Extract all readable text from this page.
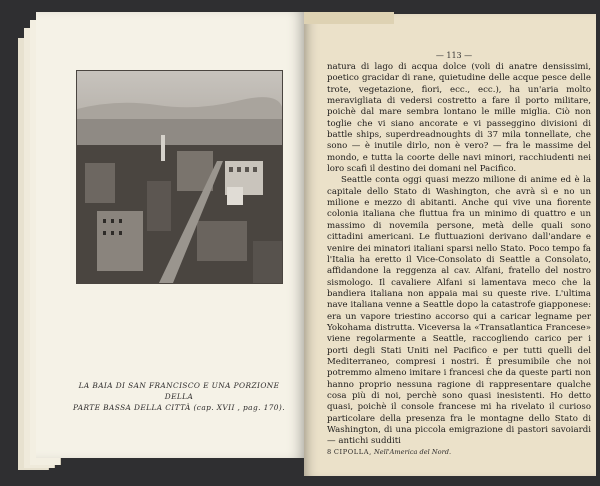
LA BAIA DI SAN FRANCISCO E UNA PORZIONE DELLA
PARTE BASSA DELLA CITTÀ (cap. XVII , pag. 170).
— 113 —

natura di lago di acqua dolce (voli di anatre densissimi, poetico gracidar di rane, quietudine delle acque pesce delle trote, vegetazione, fiori, ecc., ecc.), ha un'aria molto meravigliata di vedersi costretto a fare il porto militare, poichè dal mare sembra lontano le mille miglia. Ciò non toglie che vi siano ancorate e vi passeggino divisioni di battle ships, superdreadnoughts di 37 mila tonnellate, che sono — è inutile dirlo, non è vero? — fra le massime del mondo, e tutta la coorte delle navi minori, racchiudenti nei loro scafi il destino dei domani nel Pacifico.

Seattle conta oggi quasi mezzo milione di anime ed è la capitale dello Stato di Washington, che avrà sì e no un milione e mezzo di abitanti. Anche qui vive una fiorente colonia italiana che fluttua fra un minimo di quattro e un massimo di novemila persone, metà delle quali sono cittadini americani. Le fluttuazioni derivano dall'andare e venire dei minatori italiani sparsi nello Stato. Poco tempo fa l'Italia ha eretto il Vice-Consolato di Seattle a Consolato, affidandone la reggenza al cav. Alfani, fratello del nostro sismologo. Il cavaliere Alfani si lamentava meco che la bandiera italiana non appaia mai su queste rive. L'ultima nave italiana venne a Seattle dopo la catastrofe giapponese: era un vapore triestino accorso qui a caricar legname per Yokohama distrutta. Viceversa la «Transatlantica Francese» viene regolarmente a Seattle, raccogliendo carico per i porti degli Stati Uniti nel Pacifico e per tutti quelli del Mediterraneo, compresi i nostri. È presumibile che noi potremmo almeno imitare i francesi che da queste parti non hanno proprio nessuna ragione di rappresentare qualche cosa più di noi, perchè sono quasi inesistenti. Ho detto quasi, poichè il console francese mi ha rivelato il curioso particolare della presenza fra le montagne dello Stato di Washington, di una piccola emigrazione di pastori savoiardi — antichi sudditi

8 CIPOLLA, Nell'America del Nord.
